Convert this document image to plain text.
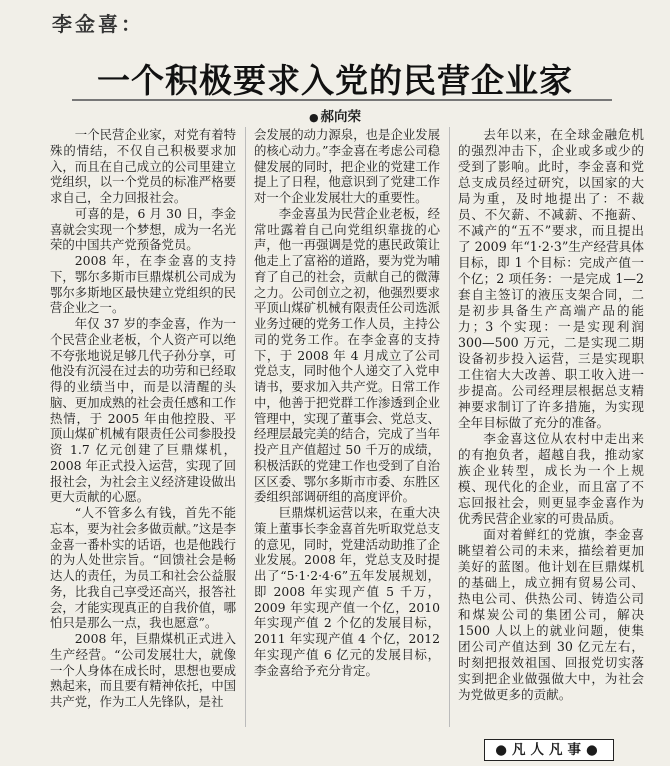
李金喜：
一个积极要求入党的民营企业家
● 郝向荣

一个民营企业家，对党有着特殊的情结，不仅自己积极要求加入，而且在自己成立的公司里建立党组织，以一个党员的标准严格要求自己，全力回报社会。

可喜的是，6 月 30 日，李金喜就会实现一个梦想，成为一名光荣的中国共产党预备党员。

2008 年，在李金喜的支持下，鄂尔多斯市巨鼎煤机公司成为鄂尔多斯地区最快建立党组织的民营企业之一。

年仅 37 岁的李金喜，作为一个民营企业老板，个人资产可以绝不夸张地说足够几代子孙分享，可他没有沉浸在过去的功劳和已经取得的业绩当中，而是以清醒的头脑、更加成熟的社会责任感和工作热情，于 2005 年由他控股、平顶山煤矿机械有限责任公司参股投资 1.7 亿元创建了巨鼎煤机，2008 年正式投入运营，实现了回报社会，为社会主义经济建设做出更大贡献的心愿。

“人不管多么有钱，首先不能忘本，要为社会多做贡献。”这是李金喜一番朴实的话语，也是他践行的为人处世宗旨。“回馈社会是畅达人的责任，为员工和社会公益服务，比我自己享受还高兴，报答社会，才能实现真正的自我价值，哪怕只是那么一点，我也愿意”。

2008 年，巨鼎煤机正式进入生产经营。“公司发展壮大，就像一个人身体在成长时，思想也要成熟起来，而且要有精神依托，中国共产党，作为工人先锋队，是社

会发展的动力源泉，也是企业发展的核心动力。”李金喜在考虑公司稳健发展的同时，把企业的党建工作提上了日程，他意识到了党建工作对一个企业发展壮大的重要性。

李金喜虽为民营企业老板，经常吐露着自己向党组织靠拢的心声，他一再强调是党的惠民政策让他走上了富裕的道路，要为党为哺育了自己的社会，贡献自己的微薄之力。公司创立之初，他强烈要求平顶山煤矿机械有限责任公司选派业务过硬的党务工作人员，主持公司的党务工作。在李金喜的支持下，于 2008 年 4 月成立了公司党总支，同时他个人递交了入党申请书，要求加入共产党。日常工作中，他善于把党群工作渗透到企业管理中，实现了董事会、党总支、经理层最完美的结合，完成了当年投产且产值超过 50 千万的成绩，积极活跃的党建工作也受到了自治区区委、鄂尔多斯市市委、东胜区委组织部调研组的高度评价。

巨鼎煤机运营以来，在重大决策上董事长李金喜首先听取党总支的意见，同时，党建活动助推了企业发展。2008 年，党总支及时提出了“5·1·2·4·6”五年发展规划，即 2008 年实现产值 5 千万，2009 年实现产值一个亿，2010 年实现产值 2 个亿的发展目标，2011 年实现产值 4 个亿，2012 年实现产值 6 亿元的发展目标，李金喜给予充分肯定。

去年以来，在全球金融危机的强烈冲击下，企业或多或少的受到了影响。此时，李金喜和党总支成员经过研究，以国家的大局为重，及时地提出了：不裁员、不欠薪、不减薪、不拖薪、不减产的“五不”要求，而且提出了 2009 年“1·2·3”生产经营具体目标，即 1 个目标：完成产值一个亿；2 项任务：一是完成 1—2 套自主签订的液压支架合同，二是初步具备生产高端产品的能力；3 个实现：一是实现利润 300—500 万元，二是实现二期设备初步投入运营，三是实现职工住宿大大改善、职工收入进一步提高。公司经理层根据总支精神要求制订了许多措施，为实现全年目标做了充分的准备。

李金喜这位从农村中走出来的有抱负者，超越自我，推动家族企业转型，成长为一个上规模、现代化的企业，而且富了不忘回报社会，则更显李金喜作为优秀民营企业家的可贵品质。

面对着鲜红的党旗，李金喜眺望着公司的未来，描绘着更加美好的蓝图。他计划在巨鼎煤机的基础上，成立拥有贸易公司、热电公司、供热公司、铸造公司和煤炭公司的集团公司，解决 1500 人以上的就业问题，使集团公司产值达到 30 亿元左右，时刻把报效祖国、回报党切实落实到把企业做强做大中，为社会为党做更多的贡献。

●凡人凡事●
